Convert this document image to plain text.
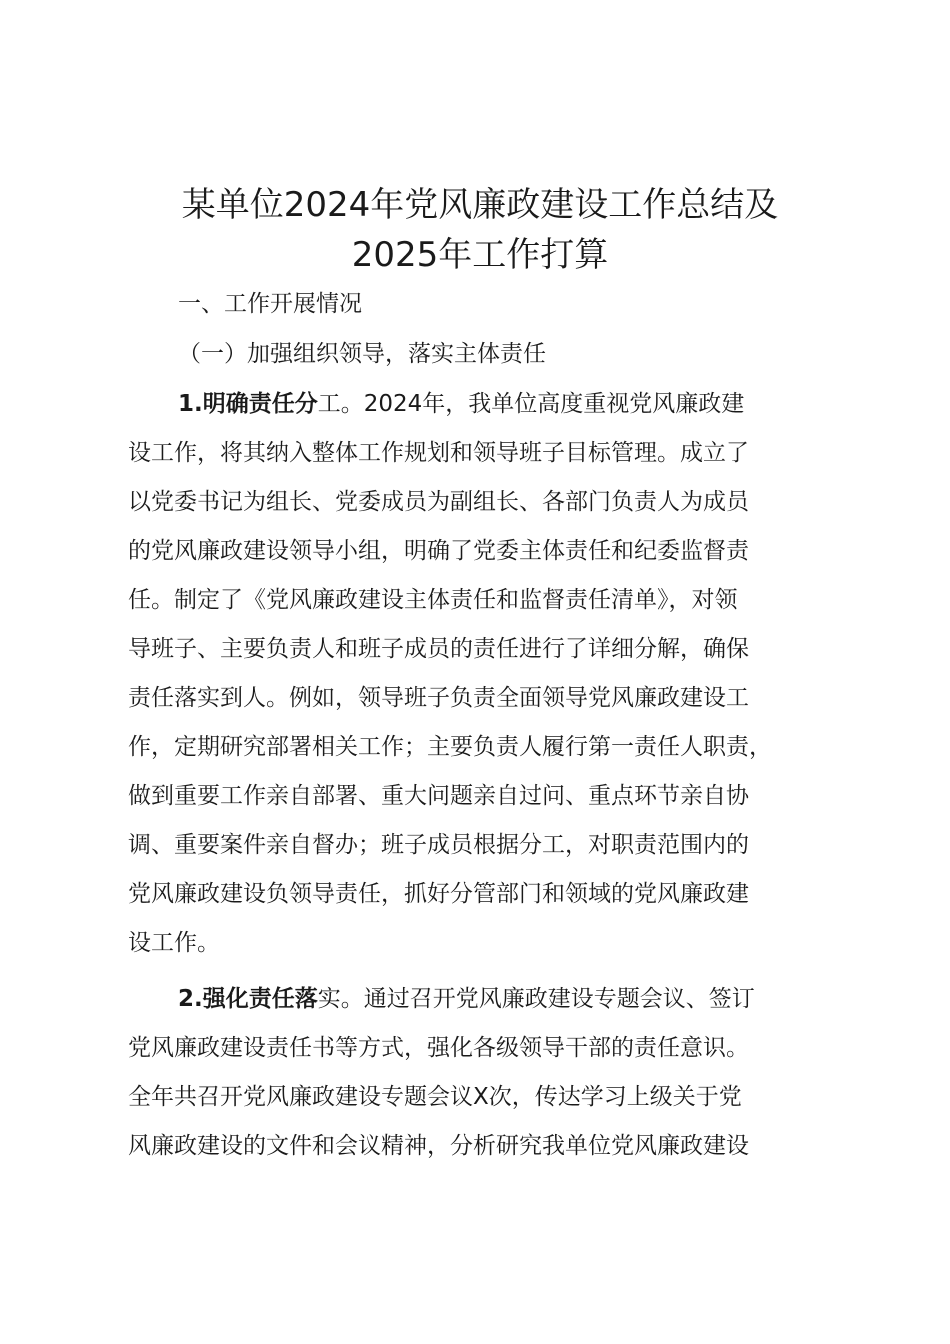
某单位2024年党风廉政建设工作总结及
2025年工作打算

一、工作开展情况

（一）加强组织领导，落实主体责任

1.明确责任分工。2024年，我单位高度重视党风廉政建
设工作，将其纳入整体工作规划和领导班子目标管理。成立了
以党委书记为组长、党委成员为副组长、各部门负责人为成员
的党风廉政建设领导小组，明确了党委主体责任和纪委监督责
任。制定了《党风廉政建设主体责任和监督责任清单》，对领
导班子、主要负责人和班子成员的责任进行了详细分解，确保
责任落实到人。例如，领导班子负责全面领导党风廉政建设工
作，定期研究部署相关工作；主要负责人履行第一责任人职责，
做到重要工作亲自部署、重大问题亲自过问、重点环节亲自协
调、重要案件亲自督办；班子成员根据分工，对职责范围内的
党风廉政建设负领导责任，抓好分管部门和领域的党风廉政建
设工作。
2.强化责任落实。通过召开党风廉政建设专题会议、签订
党风廉政建设责任书等方式，强化各级领导干部的责任意识。
全年共召开党风廉政建设专题会议X次，传达学习上级关于党
风廉政建设的文件和会议精神，分析研究我单位党风廉政建设
